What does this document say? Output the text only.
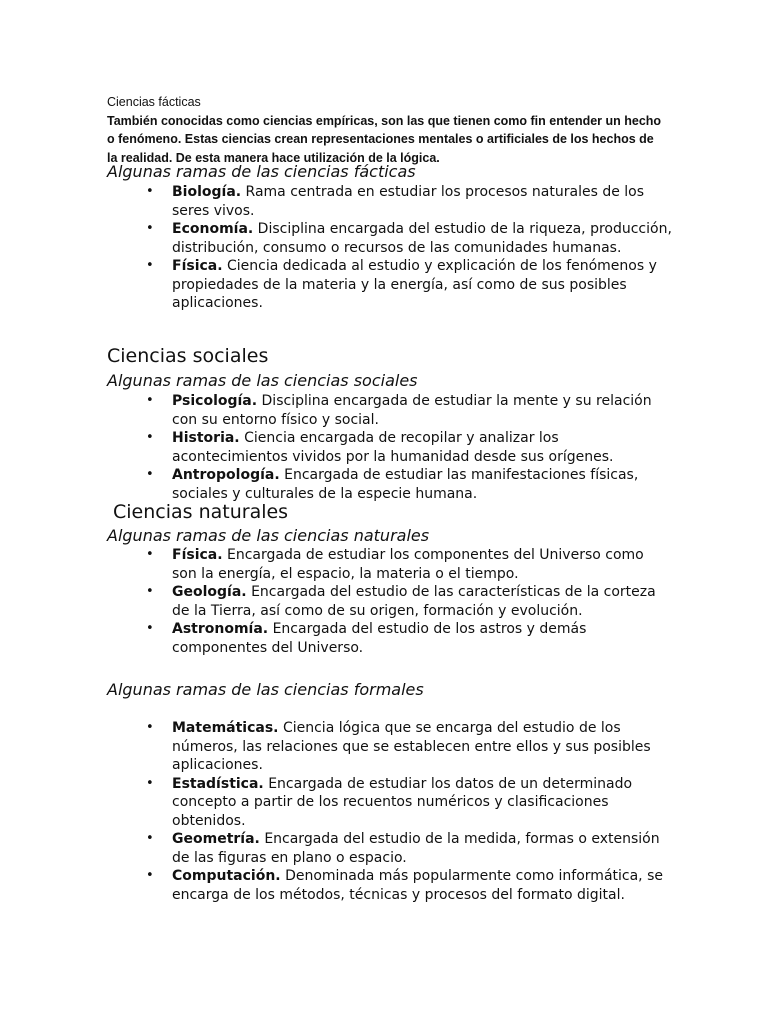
Ciencias fácticas
También conocidas como ciencias empíricas, son las que tienen como fin entender un hecho o fenómeno. Estas ciencias crean representaciones mentales o artificiales de los hechos de la realidad. De esta manera hace utilización de la lógica.
Algunas ramas de las ciencias fácticas
• Biología. Rama centrada en estudiar los procesos naturales de los seres vivos.
• Economía. Disciplina encargada del estudio de la riqueza, producción, distribución, consumo o recursos de las comunidades humanas.
• Física. Ciencia dedicada al estudio y explicación de los fenómenos y propiedades de la materia y la energía, así como de sus posibles aplicaciones.
Ciencias sociales
Algunas ramas de las ciencias sociales
• Psicología. Disciplina encargada de estudiar la mente y su relación con su entorno físico y social.
• Historia. Ciencia encargada de recopilar y analizar los acontecimientos vividos por la humanidad desde sus orígenes.
• Antropología. Encargada de estudiar las manifestaciones físicas, sociales y culturales de la especie humana.
Ciencias naturales
Algunas ramas de las ciencias naturales
• Física. Encargada de estudiar los componentes del Universo como son la energía, el espacio, la materia o el tiempo.
• Geología. Encargada del estudio de las características de la corteza de la Tierra, así como de su origen, formación y evolución.
• Astronomía. Encargada del estudio de los astros y demás componentes del Universo.
Algunas ramas de las ciencias formales
• Matemáticas. Ciencia lógica que se encarga del estudio de los números, las relaciones que se establecen entre ellos y sus posibles aplicaciones.
• Estadística. Encargada de estudiar los datos de un determinado concepto a partir de los recuentos numéricos y clasificaciones obtenidos.
• Geometría. Encargada del estudio de la medida, formas o extensión de las figuras en plano o espacio.
• Computación. Denominada más popularmente como informática, se encarga de los métodos, técnicas y procesos del formato digital.
